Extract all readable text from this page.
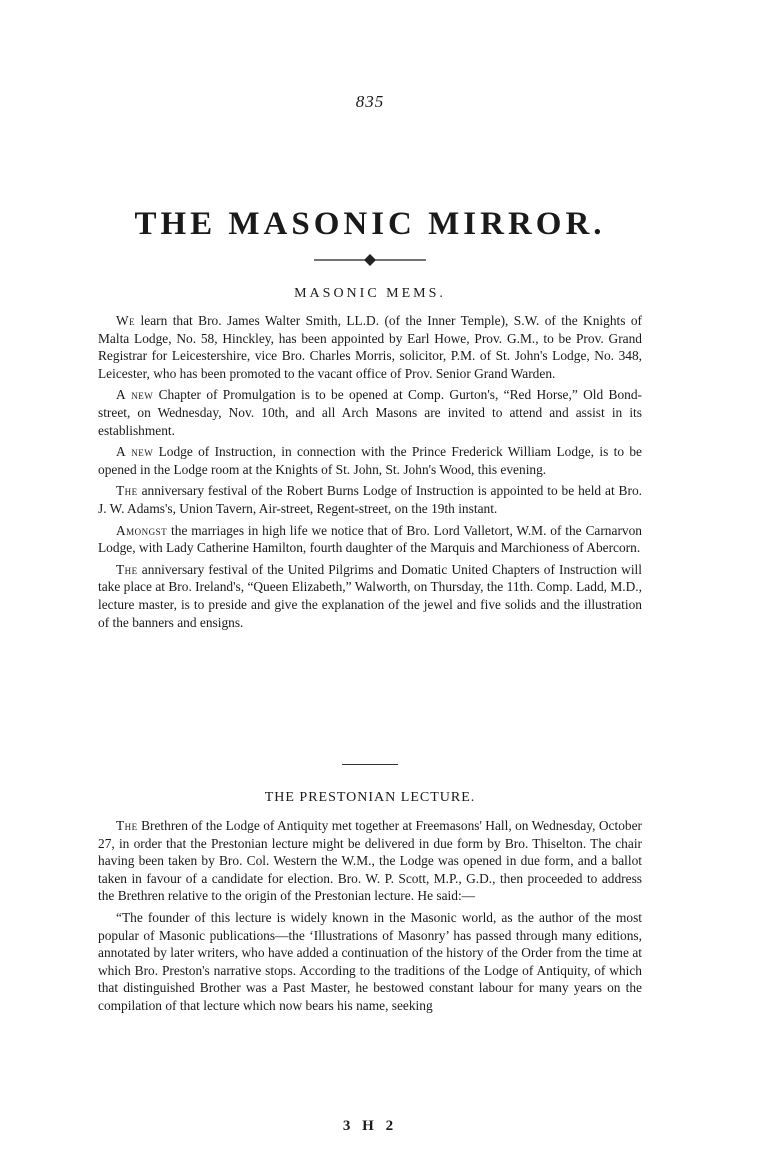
835
THE MASONIC MIRROR.
MASONIC MEMS.

We learn that Bro. James Walter Smith, LL.D. (of the Inner Temple), S.W. of the Knights of Malta Lodge, No. 58, Hinckley, has been appointed by Earl Howe, Prov. G.M., to be Prov. Grand Registrar for Leicestershire, vice Bro. Charles Morris, solicitor, P.M. of St. John's Lodge, No. 348, Leicester, who has been promoted to the vacant office of Prov. Senior Grand Warden.

A new Chapter of Promulgation is to be opened at Comp. Gurton's, “Red Horse,” Old Bond-street, on Wednesday, Nov. 10th, and all Arch Masons are invited to attend and assist in its establishment.

A new Lodge of Instruction, in connection with the Prince Frederick William Lodge, is to be opened in the Lodge room at the Knights of St. John, St. John's Wood, this evening.

The anniversary festival of the Robert Burns Lodge of Instruction is appointed to be held at Bro. J. W. Adams's, Union Tavern, Air-street, Regent-street, on the 19th instant.

Amongst the marriages in high life we notice that of Bro. Lord Valletort, W.M. of the Carnarvon Lodge, with Lady Catherine Hamilton, fourth daughter of the Marquis and Marchioness of Abercorn.

The anniversary festival of the United Pilgrims and Domatic United Chapters of Instruction will take place at Bro. Ireland's, “Queen Elizabeth,” Walworth, on Thursday, the 11th. Comp. Ladd, M.D., lecture master, is to preside and give the explanation of the jewel and five solids and the illustration of the banners and ensigns.

THE PRESTONIAN LECTURE.

The Brethren of the Lodge of Antiquity met together at Freemasons' Hall, on Wednesday, October 27, in order that the Prestonian lecture might be delivered in due form by Bro. Thiselton. The chair having been taken by Bro. Col. Western the W.M., the Lodge was opened in due form, and a ballot taken in favour of a candidate for election. Bro. W. P. Scott, M.P., G.D., then proceeded to address the Brethren relative to the origin of the Prestonian lecture. He said:—

“The founder of this lecture is widely known in the Masonic world, as the author of the most popular of Masonic publications—the ‘Illustrations of Masonry’ has passed through many editions, annotated by later writers, who have added a continuation of the history of the Order from the time at which Bro. Preston's narrative stops. According to the traditions of the Lodge of Antiquity, of which that distinguished Brother was a Past Master, he bestowed constant labour for many years on the compilation of that lecture which now bears his name, seeking

3 H 2
